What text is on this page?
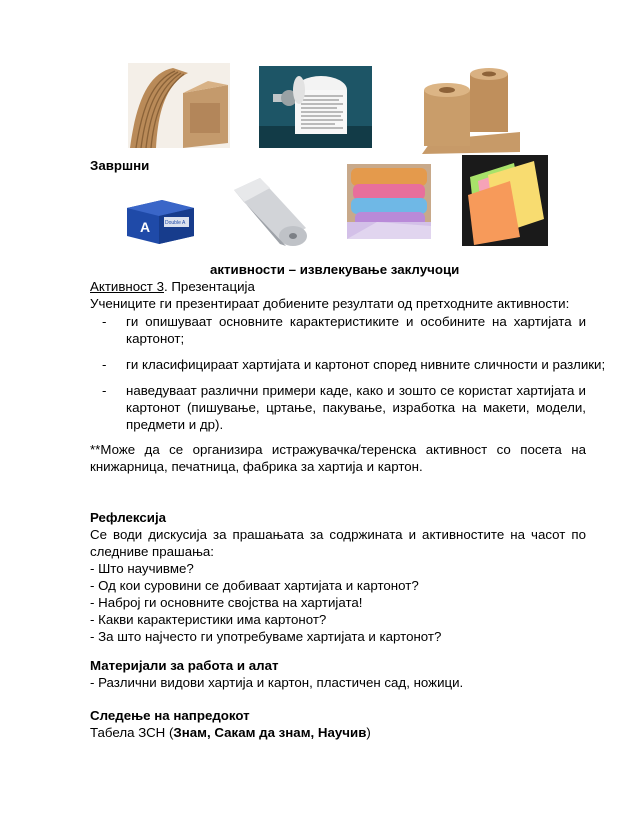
Завршни
A	Double A
активности – извлекување заклучоци
Активност 3. Презентација
Учениците ги презентираат добиените резултати од претходните активности:
- ги опишуваат основните карактеристиките и особините на хартијата и
картонот;
- ги класифицираат хартијата и картонот според нивните сличности и разлики;
- наведуваат различни примери каде, како и зошто се користат хартијата и
картонот (пишување, цртање, пакување, изработка на макети, модели,
предмети и др).
**Може да се организира истражувачка/теренска активност со посета на
книжарница, печатница, фабрика за хартија и картон.
Рефлексија
Се води дискусија за прашањата за содржината и активностите на часот по
следниве прашања:
- Што научивме?
- Од кои суровини се добиваат хартијата и картонот?
- Наброј ги основните својства на хартијата!
- Какви карактеристики има картонот?
- За што најчесто ги употребуваме хартијата и картонот?
Материјали за работа и алат
- Различни видови хартија и картон, пластичен сад, ножици.
Следење на напредокот
Табела ЗСН (Знам, Сакам да знам, Научив)
